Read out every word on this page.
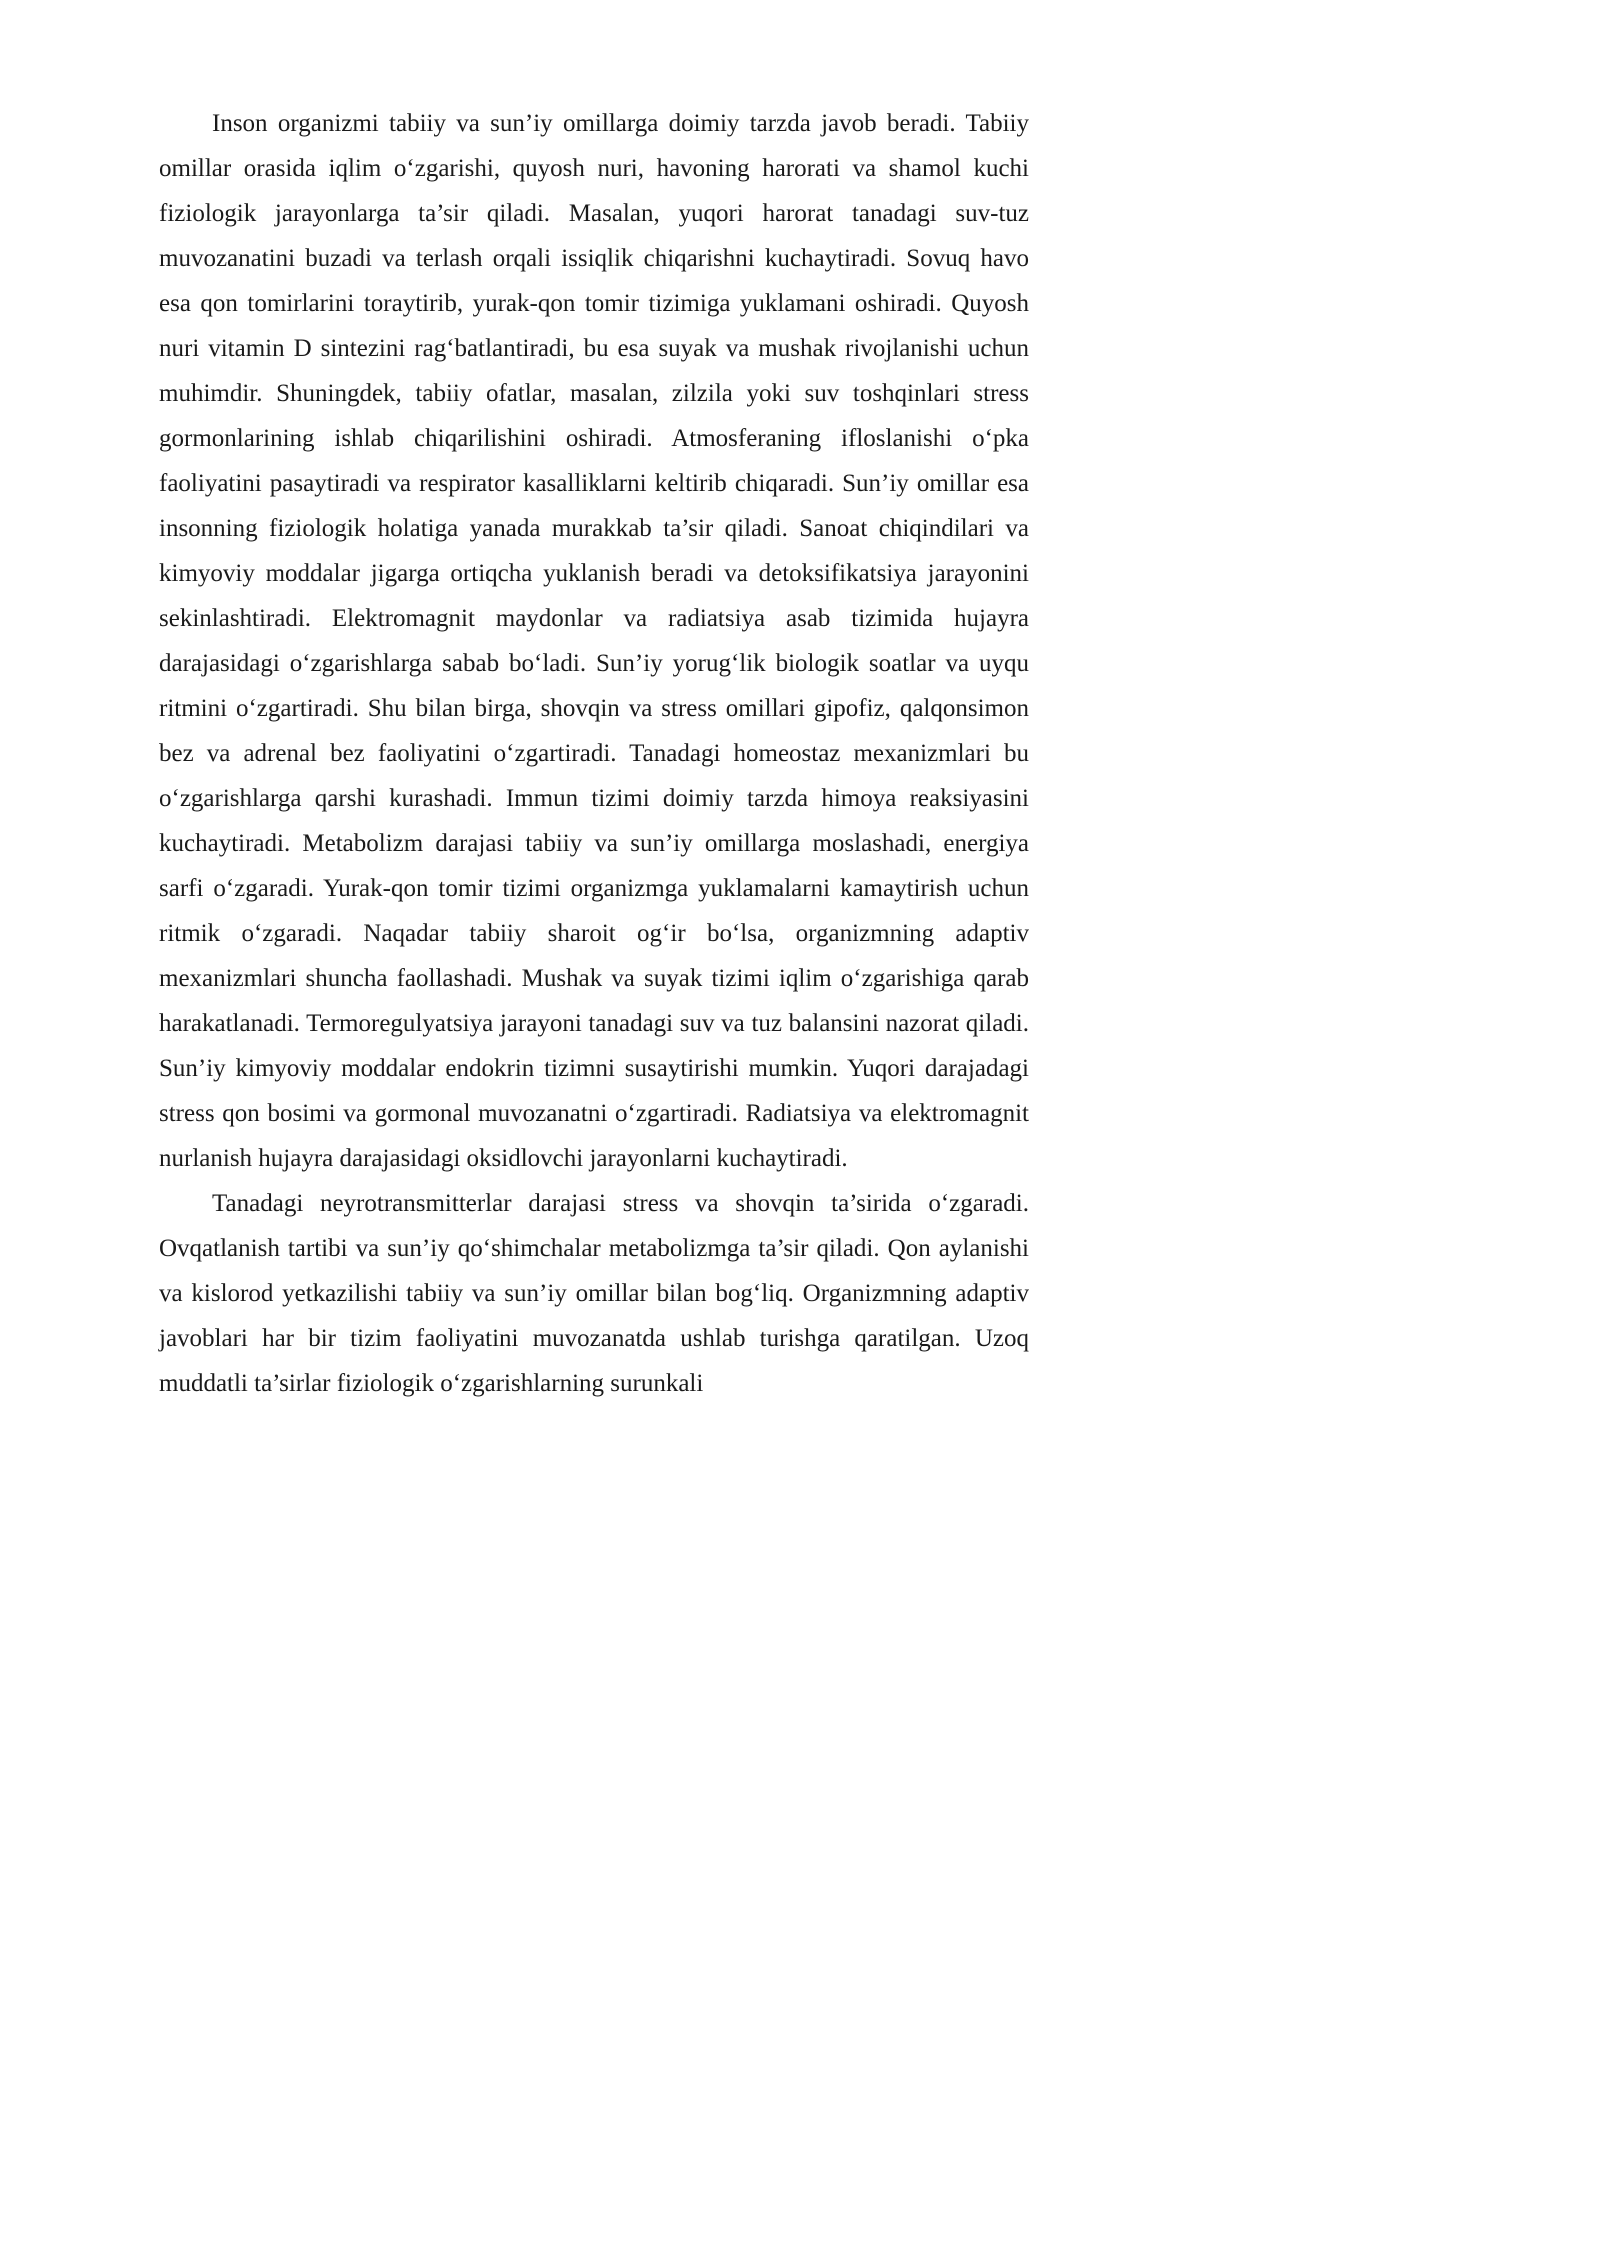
Inson organizmi tabiiy va sun’iy omillarga doimiy tarzda javob beradi. Tabiiy omillar orasida iqlim o‘zgarishi, quyosh nuri, havoning harorati va shamol kuchi fiziologik jarayonlarga ta’sir qiladi. Masalan, yuqori harorat tanadagi suv-tuz muvozanatini buzadi va terlash orqali issiqlik chiqarishni kuchaytiradi. Sovuq havo esa qon tomirlarini toraytirib, yurak-qon tomir tizimiga yuklamani oshiradi. Quyosh nuri vitamin D sintezini rag‘batlantiradi, bu esa suyak va mushak rivojlanishi uchun muhimdir. Shuningdek, tabiiy ofatlar, masalan, zilzila yoki suv toshqinlari stress gormonlarining ishlab chiqarilishini oshiradi. Atmosferaning ifloslanishi o‘pka faoliyatini pasaytiradi va respirator kasalliklarni keltirib chiqaradi. Sun’iy omillar esa insonning fiziologik holatiga yanada murakkab ta’sir qiladi. Sanoat chiqindilari va kimyoviy moddalar jigarga ortiqcha yuklanish beradi va detoksifikatsiya jarayonini sekinlashtiradi. Elektromagnit maydonlar va radiatsiya asab tizimida hujayra darajasidagi o‘zgarishlarga sabab bo‘ladi. Sun’iy yorug‘lik biologik soatlar va uyqu ritmini o‘zgartiradi. Shu bilan birga, shovqin va stress omillari gipofiz, qalqonsimon bez va adrenal bez faoliyatini o‘zgartiradi. Tanadagi homeostaz mexanizmlari bu o‘zgarishlarga qarshi kurashadi. Immun tizimi doimiy tarzda himoya reaksiyasini kuchaytiradi. Metabolizm darajasi tabiiy va sun’iy omillarga moslashadi, energiya sarfi o‘zgaradi. Yurak-qon tomir tizimi organizmga yuklamalarni kamaytirish uchun ritmik o‘zgaradi. Naqadar tabiiy sharoit og‘ir bo‘lsa, organizmning adaptiv mexanizmlari shuncha faollashadi. Mushak va suyak tizimi iqlim o‘zgarishiga qarab harakatlanadi. Termoregulyatsiya jarayoni tanadagi suv va tuz balansini nazorat qiladi. Sun’iy kimyoviy moddalar endokrin tizimni susaytirishi mumkin. Yuqori darajadagi stress qon bosimi va gormonal muvozanatni o‘zgartiradi. Radiatsiya va elektromagnit nurlanish hujayra darajasidagi oksidlovchi jarayonlarni kuchaytiradi.

Tanadagi neyrotransmitterlar darajasi stress va shovqin ta’sirida o‘zgaradi. Ovqatlanish tartibi va sun’iy qo‘shimchalar metabolizmga ta’sir qiladi. Qon aylanishi va kislorod yetkazilishi tabiiy va sun’iy omillar bilan bog‘liq. Organizmning adaptiv javoblari har bir tizim faoliyatini muvozanatda ushlab turishga qaratilgan. Uzoq muddatli ta’sirlar fiziologik o‘zgarishlarning surunkali
